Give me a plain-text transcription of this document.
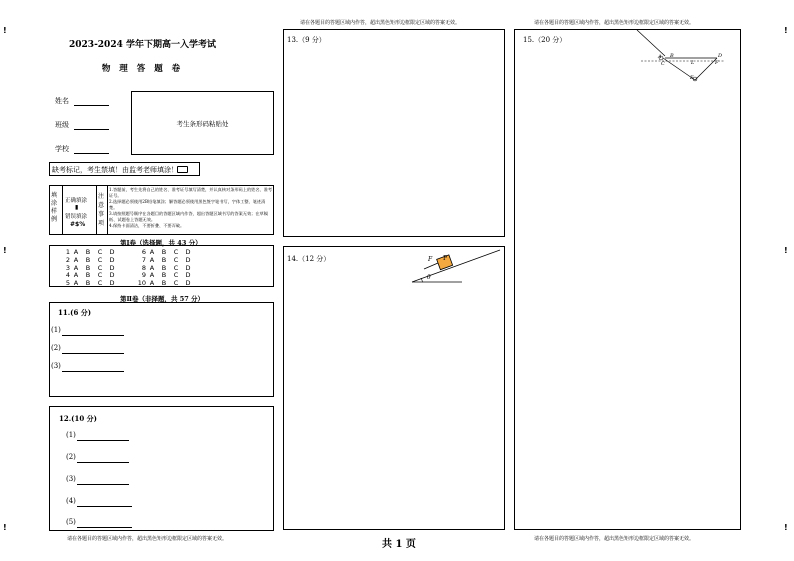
!	!
!	!
!	!
请在各题目的答题区域内作答，超出黑色矩形边框限定区域的答案无效。	请在各题目的答题区域内作答，超出黑色矩形边框限定区域的答案无效。
2023-2024 学年下期高一入学考试
物 理 答 题 卷
姓名
班级
学校
考生条形码粘贴处
缺考标记，考生禁填！由监考老师填涂！
填涂样例
正确填涂
▮
错误填涂
#$%
注意事项
1.答题前，考生先将自己的姓名、准考证号填写清楚，并认真核对条形码上的姓名、准考证号。
2.选择题必须使用2B铅笔填涂；解答题必须使用黑色签字笔书写，字体工整、笔迹清楚。
3.请按照题号顺序在各题目的答题区域内作答，超出答题区域书写的答案无效；在草稿纸、试题卷上答题无效。
4.保持卡面清洁，不要折叠、不要弄破。
第Ⅰ卷（选择题，共 43 分）
1 A B C D	6 A B C D
2 A B C D	7 A B C D
3 A B C D	8 A B C D
4 A B C D	9 A B C D
5 A B C D	10 A B C D
第Ⅱ卷（非择题，共 57 分）
11.(6 分)
(1)
(2)
(3)
12.(10 分)
(1)
(2)
(3)
(4)
(5)
13.（9 分）
14.（12 分）	F P
θ
15.（20 分）
A B
C	L
D
E
F
请在各题目的答题区域内作答，超出黑色矩形边框限定区域的答案无效。	请在各题目的答题区域内作答，超出黑色矩形边框限定区域的答案无效。
共 1 页
